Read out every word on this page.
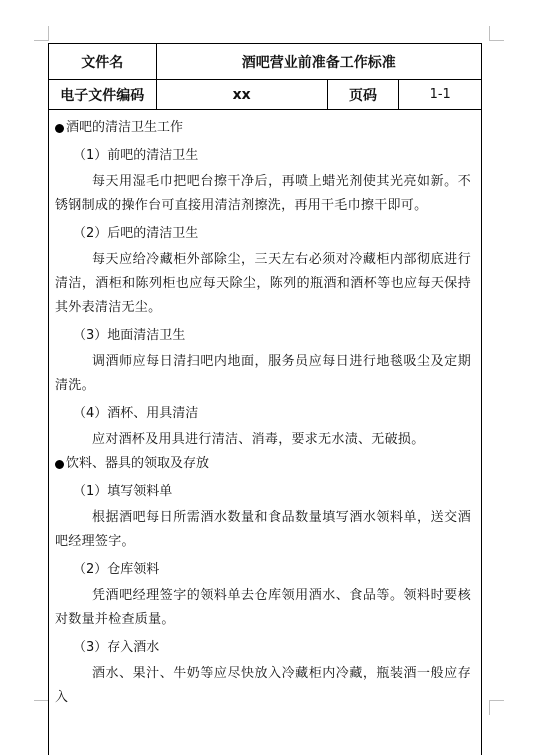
文件名	酒吧营业前准备工作标准
电子文件编码	xx	页码	1-1
酒吧的清洁卫生工作
（1）前吧的清洁卫生

每天用湿毛巾把吧台擦干净后，再喷上蜡光剂使其光亮如新。不锈钢制成的操作台可直接用清洁剂擦洗，再用干毛巾擦干即可。

（2）后吧的清洁卫生

每天应给冷藏柜外部除尘，三天左右必须对冷藏柜内部彻底进行清洁，酒柜和陈列柜也应每天除尘，陈列的瓶酒和酒杯等也应每天保持其外表清洁无尘。

（3）地面清洁卫生

调酒师应每日清扫吧内地面，服务员应每日进行地毯吸尘及定期清洗。

（4）酒杯、用具清洁

应对酒杯及用具进行清洁、消毒，要求无水渍、无破损。

饮料、器具的领取及存放
（1）填写领料单

根据酒吧每日所需酒水数量和食品数量填写酒水领料单，送交酒吧经理签字。

（2）仓库领料

凭酒吧经理签字的领料单去仓库领用酒水、食品等。领料时要核对数量并检查质量。

（3）存入酒水

酒水、果汁、牛奶等应尽快放入冷藏柜内冷藏，瓶装酒一般应存入
